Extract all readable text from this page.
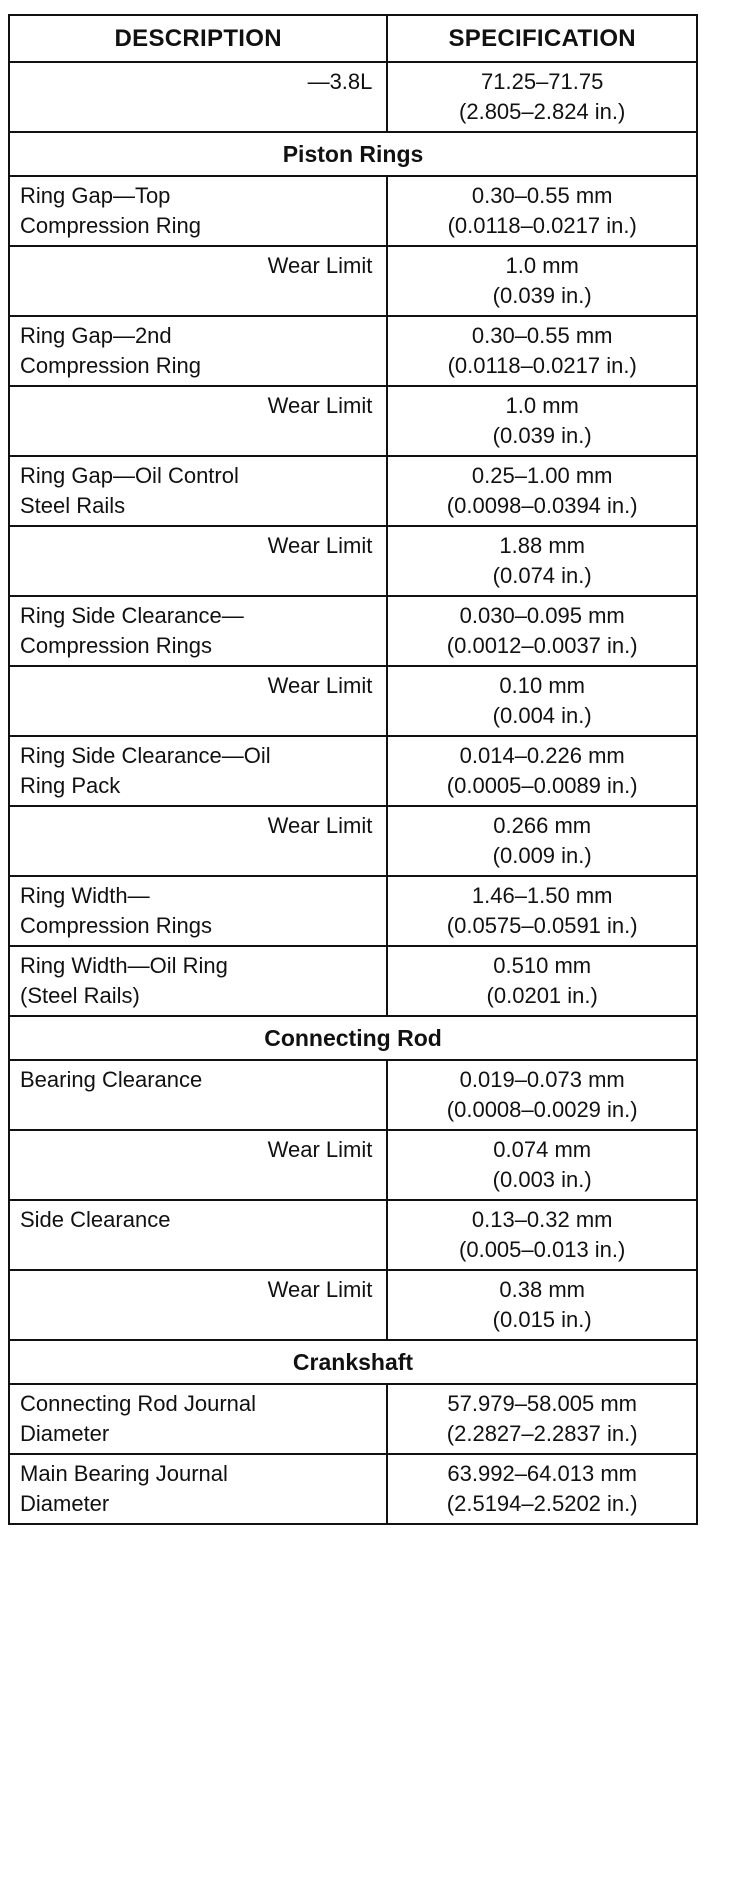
DESCRIPTION	SPECIFICATION

—3.8L	71.25–71.75
(2.805–2.824 in.)

Piston Rings	

Ring Gap—Top
Compression Ring	0.30–0.55 mm
(0.0118–0.0217 in.)

Wear Limit	1.0 mm
(0.039 in.)

Ring Gap—2nd
Compression Ring	0.30–0.55 mm
(0.0118–0.0217 in.)

Wear Limit	1.0 mm
(0.039 in.)

Ring Gap—Oil Control
Steel Rails	0.25–1.00 mm
(0.0098–0.0394 in.)

Wear Limit	1.88 mm
(0.074 in.)

Ring Side Clearance—
Compression Rings	0.030–0.095 mm
(0.0012–0.0037 in.)

Wear Limit	0.10 mm
(0.004 in.)

Ring Side Clearance—Oil
Ring Pack	0.014–0.226 mm
(0.0005–0.0089 in.)

Wear Limit	0.266 mm
(0.009 in.)

Ring Width—
Compression Rings	1.46–1.50 mm
(0.0575–0.0591 in.)

Ring Width—Oil Ring
(Steel Rails)	0.510 mm
(0.0201 in.)

Connecting Rod	

Bearing Clearance	0.019–0.073 mm
(0.0008–0.0029 in.)

Wear Limit	0.074 mm
(0.003 in.)

Side Clearance	0.13–0.32 mm
(0.005–0.013 in.)

Wear Limit	0.38 mm
(0.015 in.)

Crankshaft	

Connecting Rod Journal
Diameter	57.979–58.005 mm
(2.2827–2.2837 in.)

Main Bearing Journal
Diameter	63.992–64.013 mm
(2.5194–2.5202 in.)
